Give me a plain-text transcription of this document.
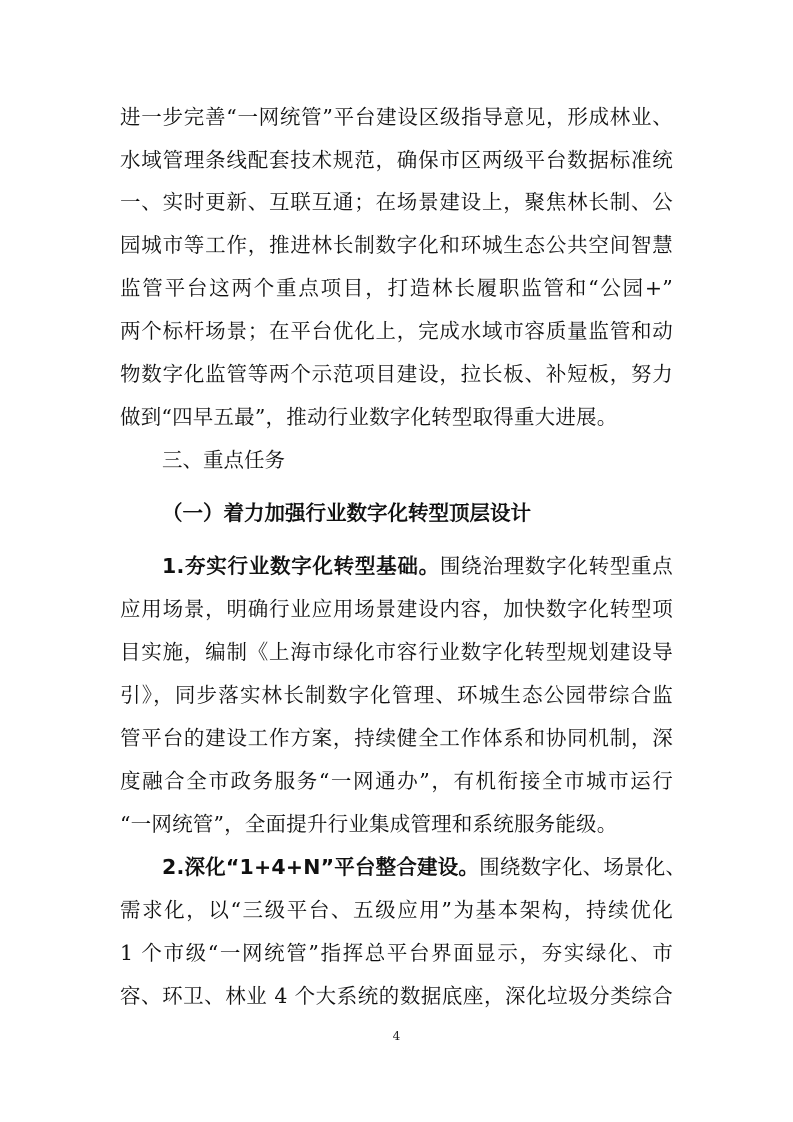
进一步完善“一网统管”平台建设区级指导意见，形成林业、
水域管理条线配套技术规范，确保市区两级平台数据标准统
一、实时更新、互联互通；在场景建设上，聚焦林长制、公
园城市等工作，推进林长制数字化和环城生态公共空间智慧
监管平台这两个重点项目，打造林长履职监管和“公园+”
两个标杆场景；在平台优化上，完成水域市容质量监管和动
物数字化监管等两个示范项目建设，拉长板、补短板，努力
做到“四早五最”，推动行业数字化转型取得重大进展。
三、重点任务
（一）着力加强行业数字化转型顶层设计
1.夯实行业数字化转型基础。围绕治理数字化转型重点
应用场景，明确行业应用场景建设内容，加快数字化转型项
目实施，编制《上海市绿化市容行业数字化转型规划建设导
引》，同步落实林长制数字化管理、环城生态公园带综合监
管平台的建设工作方案，持续健全工作体系和协同机制，深
度融合全市政务服务“一网通办”，有机衔接全市城市运行
“一网统管”，全面提升行业集成管理和系统服务能级。
2.深化“1+4+N”平台整合建设。围绕数字化、场景化、
需求化，以“三级平台、五级应用”为基本架构，持续优化
1 个市级“一网统管”指挥总平台界面显示，夯实绿化、市
容、环卫、林业 4 个大系统的数据底座，深化垃圾分类综合
4
